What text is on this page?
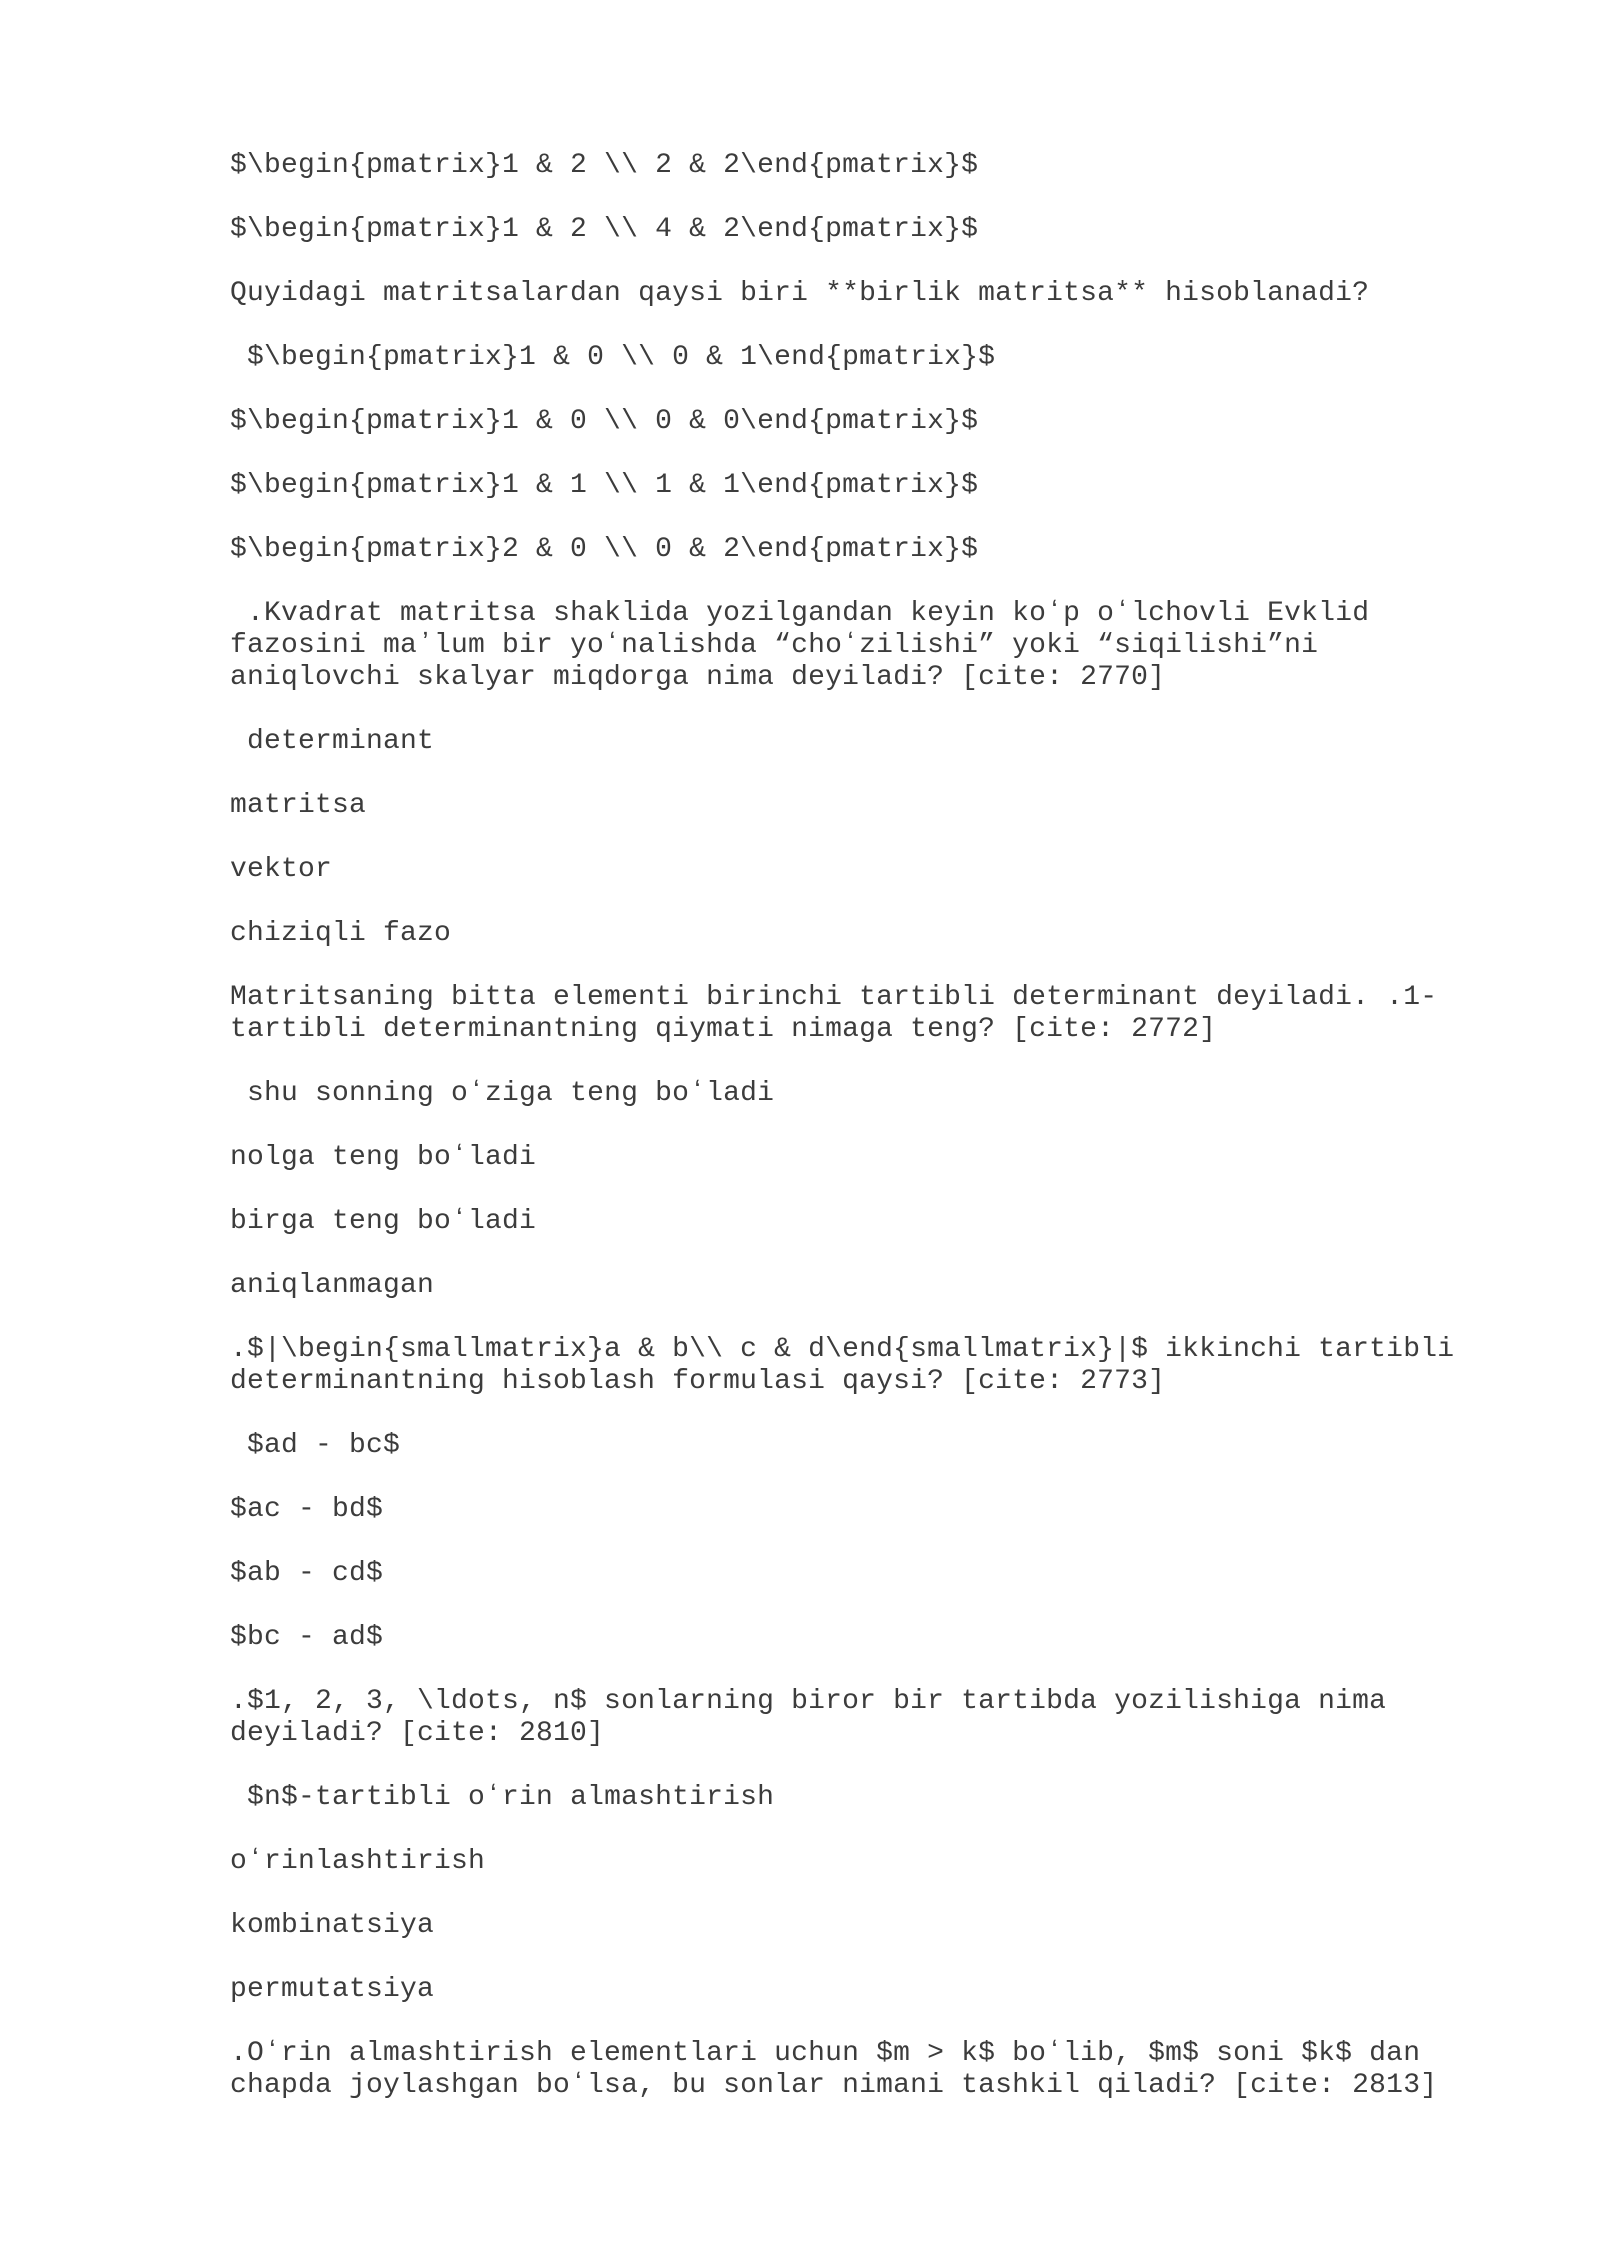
$\begin{pmatrix}1 & 2 \\ 2 & 2\end{pmatrix}$

$\begin{pmatrix}1 & 2 \\ 4 & 2\end{pmatrix}$

Quyidagi matritsalardan qaysi biri **birlik matritsa** hisoblanadi?

$\begin{pmatrix}1 & 0 \\ 0 & 1\end{pmatrix}$

$\begin{pmatrix}1 & 0 \\ 0 & 0\end{pmatrix}$

$\begin{pmatrix}1 & 1 \\ 1 & 1\end{pmatrix}$

$\begin{pmatrix}2 & 0 \\ 0 & 2\end{pmatrix}$

.Kvadrat matritsa shaklida yozilgandan keyin koʻp oʻlchovli Evklid
fazosini maʼlum bir yoʻnalishda “choʻzilishi” yoki “siqilishi”ni
aniqlovchi skalyar miqdorga nima deyiladi? [cite: 2770]

determinant

matritsa

vektor

chiziqli fazo

Matritsaning bitta elementi birinchi tartibli determinant deyiladi. .1-
tartibli determinantning qiymati nimaga teng? [cite: 2772]

shu sonning oʻziga teng boʻladi

nolga teng boʻladi

birga teng boʻladi

aniqlanmagan

.$|\begin{smallmatrix}a & b\\ c & d\end{smallmatrix}|$ ikkinchi tartibli
determinantning hisoblash formulasi qaysi? [cite: 2773]

$ad - bc$

$ac - bd$

$ab - cd$

$bc - ad$

.$1, 2, 3, \ldots, n$ sonlarning biror bir tartibda yozilishiga nima
deyiladi? [cite: 2810]

$n$-tartibli oʻrin almashtirish

oʻrinlashtirish

kombinatsiya

permutatsiya

.Oʻrin almashtirish elementlari uchun $m > k$ boʻlib, $m$ soni $k$ dan
chapda joylashgan boʻlsa, bu sonlar nimani tashkil qiladi? [cite: 2813]
